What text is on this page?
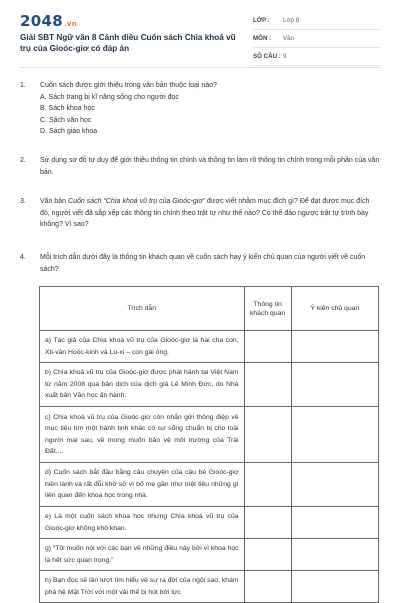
2048.vn
Giải SBT Ngữ văn 8 Cánh diều Cuốn sách Chìa khoá vũ trụ của Gioóc-giơ có đáp án
LỚP :	Lớp 8
MÔN :	Văn
SỐ CÂU : 9
1. Cuốn sách được giới thiệu trong văn bản thuộc loại nào?
A. Sách trang bị kĩ năng sống cho người đọc
B. Sách khoa học
C. Sách văn học
D. Sách giáo khoa
2. Sử dụng sơ đồ tư duy để giới thiệu thông tin chính và thông tin làm rõ thông tin chính trong mỗi phần của văn bản.
3. Văn bản Cuốn sách “Chìa khoá vũ trụ của Gioóc-giơ” được viết nhằm mục đích gì? Để đạt được mục đích đó, người viết đã sắp xếp các thông tin chính theo trật tự như thế nào? Có thể đảo ngược trật tự trình bày không? Vì sao?
4. Mỗi trích dẫn dưới đây là thông tin khách quan về cuốn sách hay ý kiến chủ quan của người viết về cuốn sách?
Trích dẫn	Thông tin khách quan	Ý kiến chủ quan
a) Tác giả của Chìa khoá vũ trụ của Gioóc-giơ là hai cha con, Xti-vân Hoóc-kinh và Lu-xi – con gái ông.		
b) Chìa khoá vũ trụ của Gioóc-giơ được phát hành tại Việt Nam từ năm 2008 qua bản dịch của dịch giả Lê Minh Đức, do Nhà xuất bản Văn học ấn hành.		
c) Chìa khoá vũ trụ của Gioóc-giơ còn nhắn gửi thông điệp về mục tiêu tìm một hành tinh khác có sự sống chuẩn bị cho loài người mai sau, về mong muốn bảo vệ môi trường của Trái Đất,...		
d) Cuốn sách bắt đầu bằng câu chuyện của cậu bé Gioóc-giơ hiền lành và rất đỗi khờ sở vì bố mẹ gần như triệt tiêu những gì liên quan đến khoa học trong nhà.		
e) Là một cuốn sách khoa học nhưng Chìa khoá vũ trụ của Gioóc-giơ không khô khan.		
g) “Tôi muốn nói với các bạn về những điều này bởi vì khoa học là hết sức quan trọng.”		
h) Bạn đọc sẽ lần lượt tìm hiểu về sự ra đời của ngôi sao, khám phá hệ Mặt Trời với một vài thế bị hút bởi lực		
